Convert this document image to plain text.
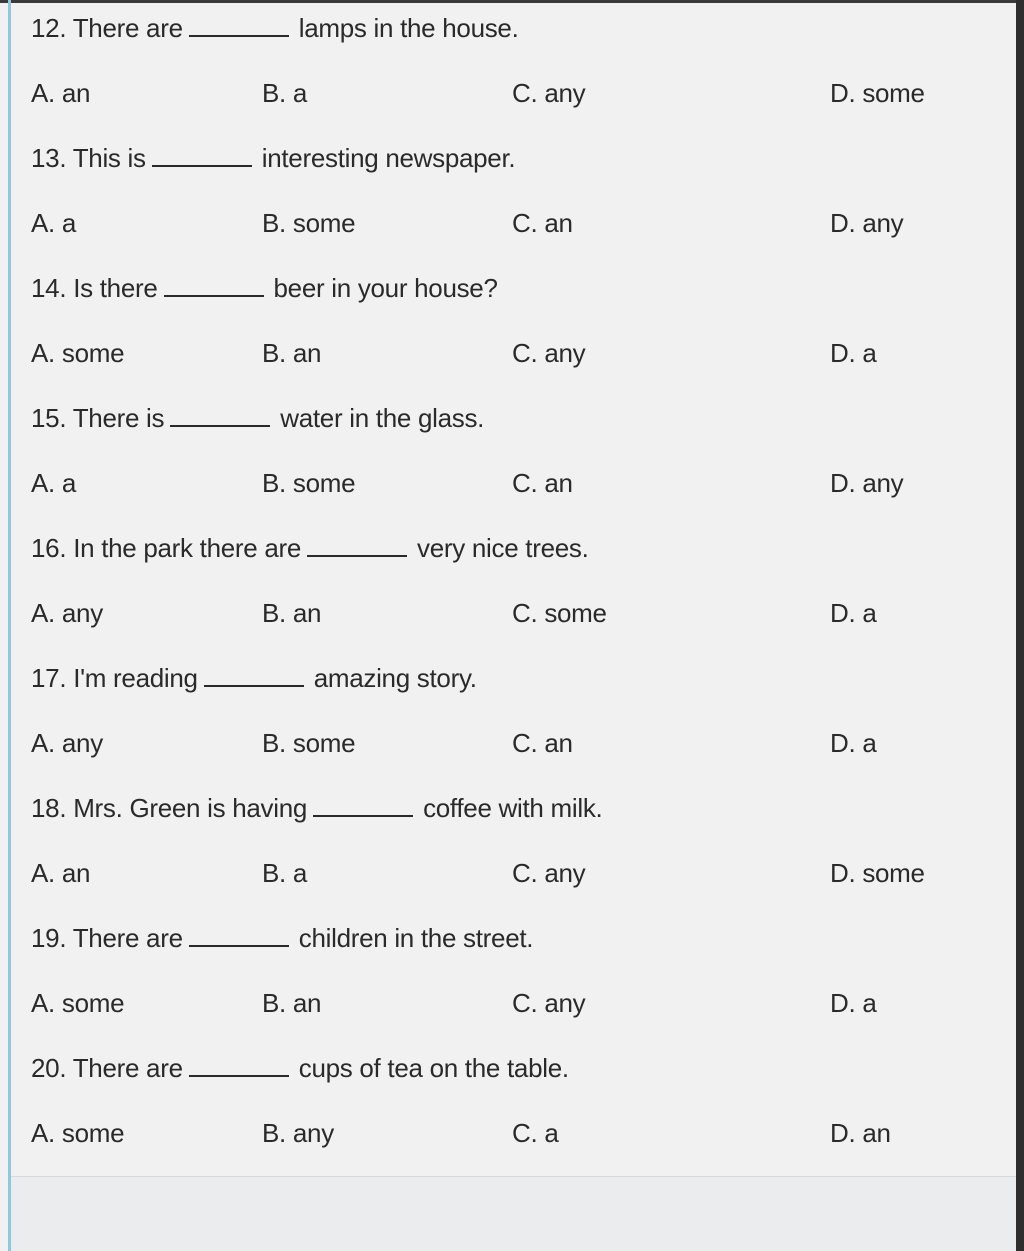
12. There are	lamps in the house.
A. an	B. a	C. any	D. some
13. This is	interesting newspaper.
A. a	B. some	C. an	D. any
14. Is there	beer in your house?
A. some	B. an	C. any	D. a
15. There is	water in the glass.
A. a	B. some	C. an	D. any
16. In the park there are	very nice trees.
A. any	B. an	C. some	D. a
17. I'm reading	amazing story.
A. any	B. some	C. an	D. a
18. Mrs. Green is having	coffee with milk.
A. an	B. a	C. any	D. some
19. There are	children in the street.
A. some	B. an	C. any	D. a
20. There are	cups of tea on the table.
A. some	B. any	C. a	D. an
